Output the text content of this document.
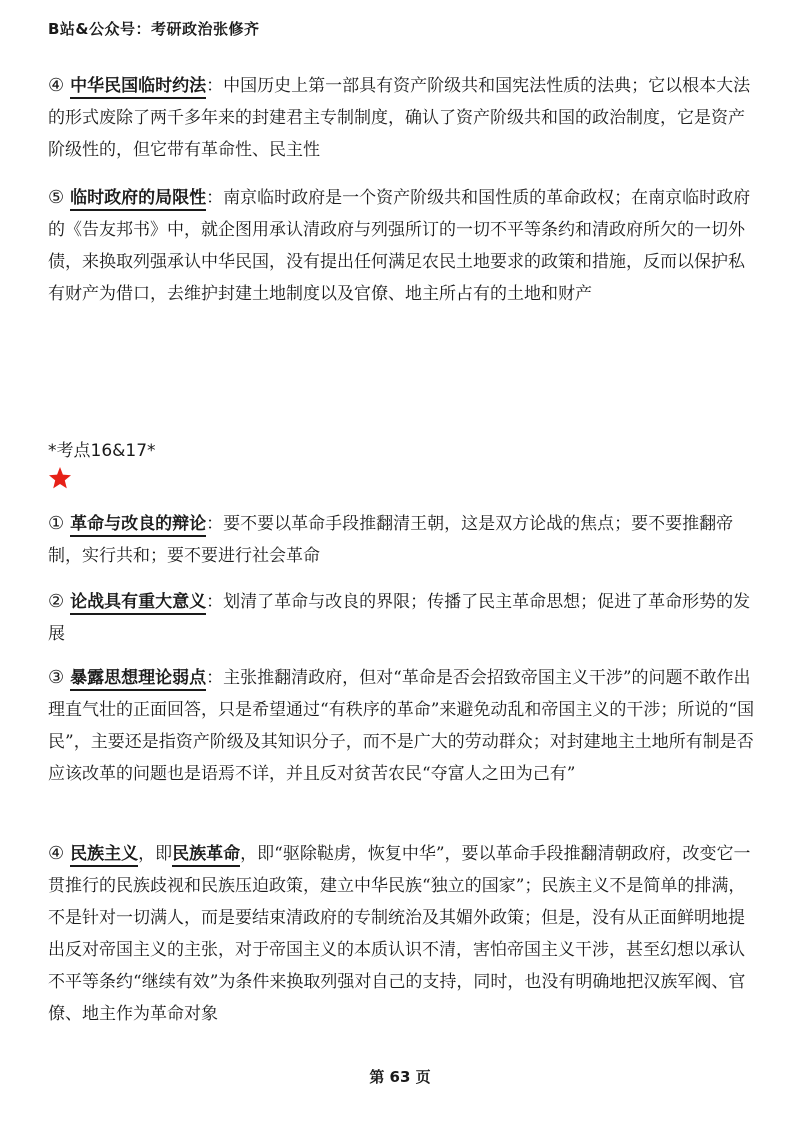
B站&公众号：考研政治张修齐
④ 中华民国临时约法：中国历史上第一部具有资产阶级共和国宪法性质的法典；它以根本大法的形式废除了两千多年来的封建君主专制制度，确认了资产阶级共和国的政治制度，它是资产阶级性的，但它带有革命性、民主性
⑤ 临时政府的局限性：南京临时政府是一个资产阶级共和国性质的革命政权；在南京临时政府的《告友邦书》中，就企图用承认清政府与列强所订的一切不平等条约和清政府所欠的一切外债，来换取列强承认中华民国，没有提出任何满足农民土地要求的政策和措施，反而以保护私有财产为借口，去维护封建土地制度以及官僚、地主所占有的土地和财产
*考点16&17*
① 革命与改良的辩论：要不要以革命手段推翻清王朝，这是双方论战的焦点；要不要推翻帝制，实行共和；要不要进行社会革命
② 论战具有重大意义：划清了革命与改良的界限；传播了民主革命思想；促进了革命形势的发展
③ 暴露思想理论弱点：主张推翻清政府，但对“革命是否会招致帝国主义干涉”的问题不敢作出理直气壮的正面回答，只是希望通过“有秩序的革命”来避免动乱和帝国主义的干涉；所说的“国民”，主要还是指资产阶级及其知识分子，而不是广大的劳动群众；对封建地主土地所有制是否应该改革的问题也是语焉不详，并且反对贫苦农民“夺富人之田为己有”
④ 民族主义，即民族革命，即“驱除鞑虏，恢复中华”，要以革命手段推翻清朝政府，改变它一贯推行的民族歧视和民族压迫政策，建立中华民族“独立的国家”；民族主义不是简单的排满，不是针对一切满人，而是要结束清政府的专制统治及其媚外政策；但是，没有从正面鲜明地提出反对帝国主义的主张，对于帝国主义的本质认识不清，害怕帝国主义干涉，甚至幻想以承认不平等条约“继续有效”为条件来换取列强对自己的支持，同时，也没有明确地把汉族军阀、官僚、地主作为革命对象
第 63 页
